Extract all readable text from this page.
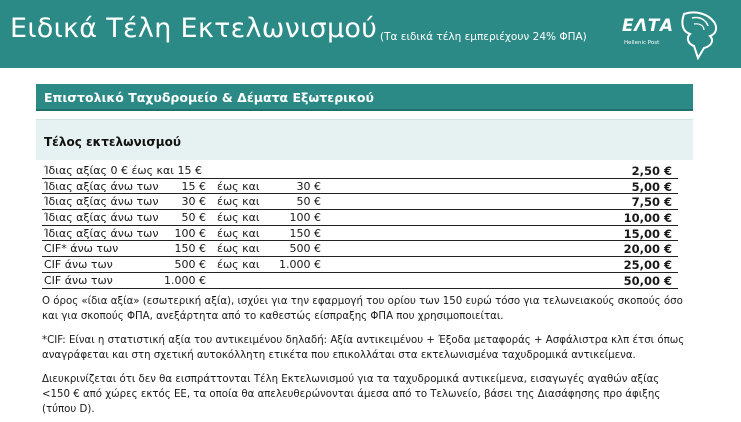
Ειδικά Τέλη Εκτελωνισμού (Τα ειδικά τέλη εμπεριέχουν 24% ΦΠΑ)
ΕΛΤΑ
Hellenic Post
Επιστολικό Ταχυδρομείο & Δέματα Εξωτερικού
Τέλος εκτελωνισμού
Ίδιας αξίας 0 € έως και 15 €	2,50 €
Ίδιας αξίας άνω των	15 € έως και	30 €	5,00 €
Ίδιας αξίας άνω των	30 € έως και	50 €	7,50 €
Ίδιας αξίας άνω των	50 € έως και	100 €	10,00 €
Ίδιας αξίας άνω των	100 € έως και	150 €	15,00 €
CIF* άνω των	150 € έως και	500 €	20,00 €
CIF άνω των	500 € έως και	1.000 €	25,00 €
CIF άνω των	1.000 €	50,00 €

Ο όρος «ίδια αξία» (εσωτερική αξία), ισχύει για την εφαρμογή του ορίου των 150 ευρώ τόσο για τελωνειακούς σκοπούς όσο και για σκοπούς ΦΠΑ, ανεξάρτητα από το καθεστώς είσπραξης ΦΠΑ που χρησιμοποιείται.

*CIF: Είναι η στατιστική αξία του αντικειμένου δηλαδή: Αξία αντικειμένου + Έξοδα μεταφοράς + Ασφάλιστρα κλπ έτσι όπως αναγράφεται και στη σχετική αυτοκόλλητη ετικέτα που επικολλάται στα εκτελωνισμένα ταχυδρομικά αντικείμενα.

Διευκρινίζεται ότι δεν θα εισπράττονται Τέλη Εκτελωνισμού για τα ταχυδρομικά αντικείμενα, εισαγωγές αγαθών αξίας <150 € από χώρες εκτός ΕΕ, τα οποία θα απελευθερώνονται άμεσα από το Τελωνείο, βάσει της Διασάφησης προ άφιξης (τύπου D).
